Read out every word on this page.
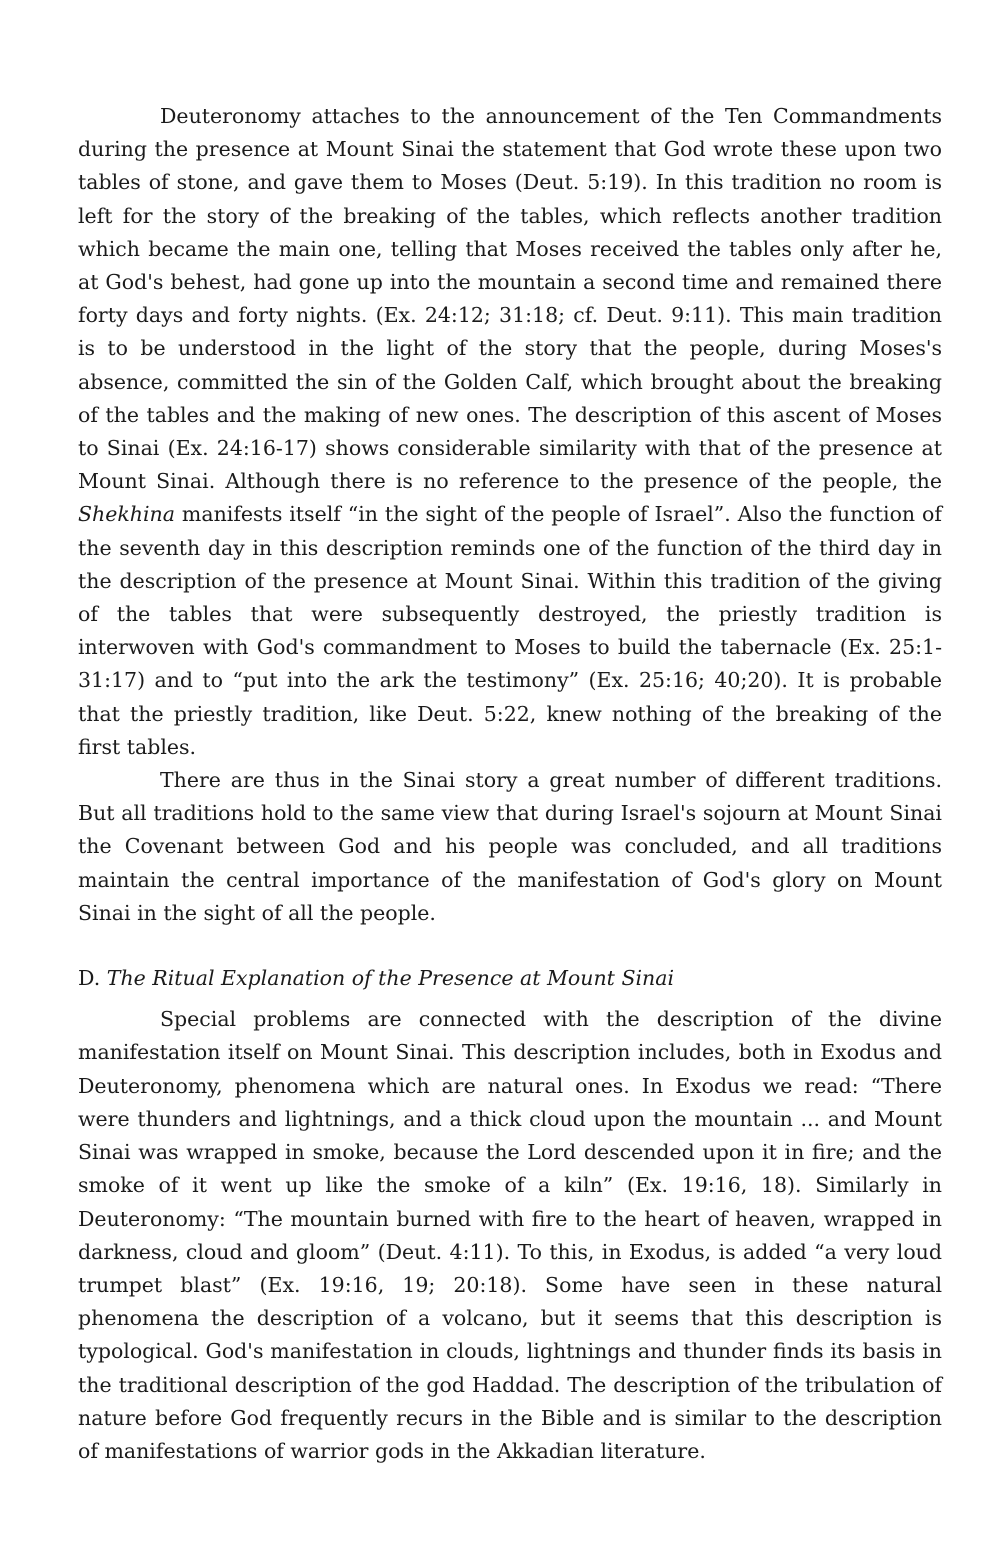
Deuteronomy attaches to the announcement of the Ten Commandments during the presence at Mount Sinai the statement that God wrote these upon two tables of stone, and gave them to Moses (Deut. 5:19). In this tradition no room is left for the story of the breaking of the tables, which reflects another tradition which became the main one, telling that Moses received the tables only after he, at God's behest, had gone up into the mountain a second time and remained there forty days and forty nights. (Ex. 24:12; 31:18; cf. Deut. 9:11). This main tradition is to be understood in the light of the story that the people, during Moses's absence, committed the sin of the Golden Calf, which brought about the breaking of the tables and the making of new ones. The description of this ascent of Moses to Sinai (Ex. 24:16-17) shows considerable similarity with that of the presence at Mount Sinai. Although there is no reference to the presence of the people, the Shekhina manifests itself “in the sight of the people of Israel”. Also the function of the seventh day in this description reminds one of the function of the third day in the description of the presence at Mount Sinai. Within this tradition of the giving of the tables that were subsequently destroyed, the priestly tradition is interwoven with God's commandment to Moses to build the tabernacle (Ex. 25:1-31:17) and to “put into the ark the testimony” (Ex. 25:16; 40;20). It is probable that the priestly tradition, like Deut. 5:22, knew nothing of the breaking of the first tables.

There are thus in the Sinai story a great number of different traditions. But all traditions hold to the same view that during Israel's sojourn at Mount Sinai the Covenant between God and his people was concluded, and all traditions maintain the central importance of the manifestation of God's glory on Mount Sinai in the sight of all the people.

D. The Ritual Explanation of the Presence at Mount Sinai

Special problems are connected with the description of the divine manifestation itself on Mount Sinai. This description includes, both in Exodus and Deuteronomy, phenomena which are natural ones. In Exodus we read: “There were thunders and lightnings, and a thick cloud upon the mountain ... and Mount Sinai was wrapped in smoke, because the Lord descended upon it in fire; and the smoke of it went up like the smoke of a kiln” (Ex. 19:16, 18). Similarly in Deuteronomy: “The mountain burned with fire to the heart of heaven, wrapped in darkness, cloud and gloom” (Deut. 4:11). To this, in Exodus, is added “a very loud trumpet blast” (Ex. 19:16, 19; 20:18). Some have seen in these natural phenomena the description of a volcano, but it seems that this description is typological. God's manifestation in clouds, lightnings and thunder finds its basis in the traditional description of the god Haddad. The description of the tribulation of nature before God frequently recurs in the Bible and is similar to the description of manifestations of warrior gods in the Akkadian literature.
